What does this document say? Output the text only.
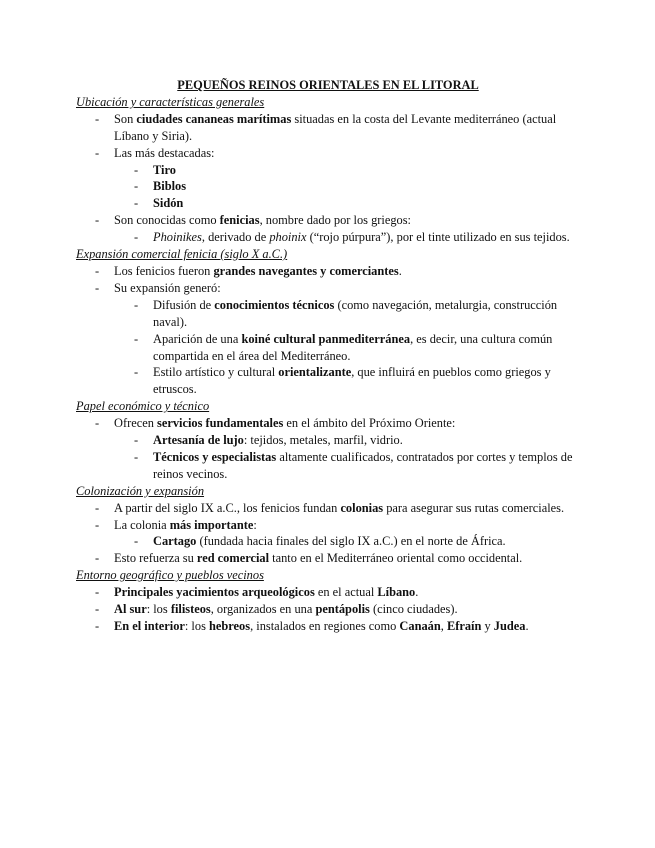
PEQUEÑOS REINOS ORIENTALES EN EL LITORAL
Ubicación y características generales
- Son ciudades cananeas marítimas situadas en la costa del Levante mediterráneo (actual Líbano y Siria).
- Las más destacadas:
- Tiro
- Biblos
- Sidón
- Son conocidas como fenicias, nombre dado por los griegos:
- Phoinikes, derivado de phoinix (“rojo púrpura”), por el tinte utilizado en sus tejidos.
Expansión comercial fenicia (siglo X a.C.)
- Los fenicios fueron grandes navegantes y comerciantes.
- Su expansión generó:
- Difusión de conocimientos técnicos (como navegación, metalurgia, construcción naval).
- Aparición de una koiné cultural panmediterránea, es decir, una cultura común compartida en el área del Mediterráneo.
- Estilo artístico y cultural orientalizante, que influirá en pueblos como griegos y etruscos.
Papel económico y técnico
- Ofrecen servicios fundamentales en el ámbito del Próximo Oriente:
- Artesanía de lujo: tejidos, metales, marfil, vidrio.
- Técnicos y especialistas altamente cualificados, contratados por cortes y templos de reinos vecinos.
Colonización y expansión
- A partir del siglo IX a.C., los fenicios fundan colonias para asegurar sus rutas comerciales.
- La colonia más importante:
- Cartago (fundada hacia finales del siglo IX a.C.) en el norte de África.
- Esto refuerza su red comercial tanto en el Mediterráneo oriental como occidental.
Entorno geográfico y pueblos vecinos
- Principales yacimientos arqueológicos en el actual Líbano.
- Al sur: los filisteos, organizados en una pentápolis (cinco ciudades).
- En el interior: los hebreos, instalados en regiones como Canaán, Efraín y Judea.
